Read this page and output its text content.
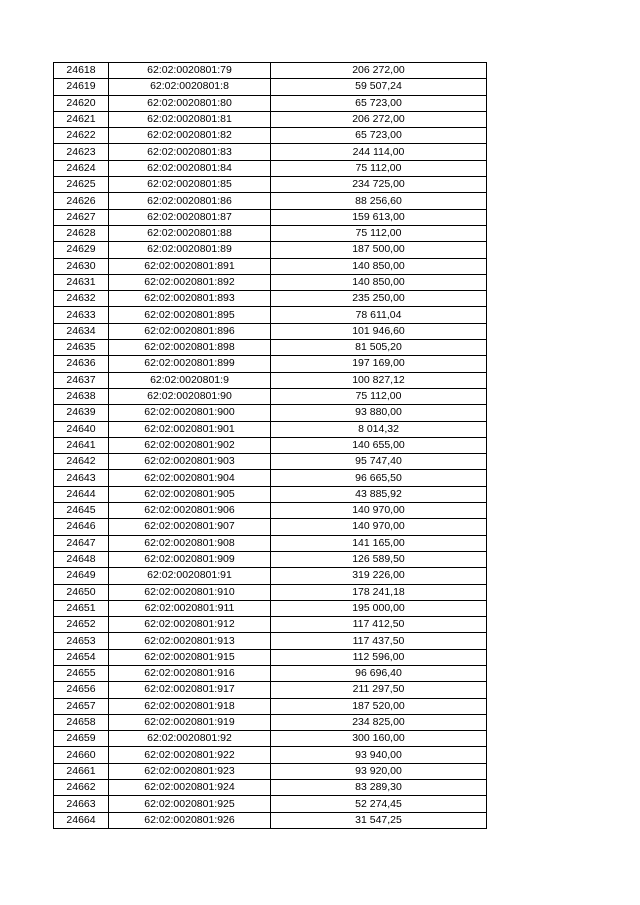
24618	62:02:0020801:79	206 272,00
24619	62:02:0020801:8	59 507,24
24620	62:02:0020801:80	65 723,00
24621	62:02:0020801:81	206 272,00
24622	62:02:0020801:82	65 723,00
24623	62:02:0020801:83	244 114,00
24624	62:02:0020801:84	75 112,00
24625	62:02:0020801:85	234 725,00
24626	62:02:0020801:86	88 256,60
24627	62:02:0020801:87	159 613,00
24628	62:02:0020801:88	75 112,00
24629	62:02:0020801:89	187 500,00
24630	62:02:0020801:891	140 850,00
24631	62:02:0020801:892	140 850,00
24632	62:02:0020801:893	235 250,00
24633	62:02:0020801:895	78 611,04
24634	62:02:0020801:896	101 946,60
24635	62:02:0020801:898	81 505,20
24636	62:02:0020801:899	197 169,00
24637	62:02:0020801:9	100 827,12
24638	62:02:0020801:90	75 112,00
24639	62:02:0020801:900	93 880,00
24640	62:02:0020801:901	8 014,32
24641	62:02:0020801:902	140 655,00
24642	62:02:0020801:903	95 747,40
24643	62:02:0020801:904	96 665,50
24644	62:02:0020801:905	43 885,92
24645	62:02:0020801:906	140 970,00
24646	62:02:0020801:907	140 970,00
24647	62:02:0020801:908	141 165,00
24648	62:02:0020801:909	126 589,50
24649	62:02:0020801:91	319 226,00
24650	62:02:0020801:910	178 241,18
24651	62:02:0020801:911	195 000,00
24652	62:02:0020801:912	117 412,50
24653	62:02:0020801:913	117 437,50
24654	62:02:0020801:915	112 596,00
24655	62:02:0020801:916	96 696,40
24656	62:02:0020801:917	211 297,50
24657	62:02:0020801:918	187 520,00
24658	62:02:0020801:919	234 825,00
24659	62:02:0020801:92	300 160,00
24660	62:02:0020801:922	93 940,00
24661	62:02:0020801:923	93 920,00
24662	62:02:0020801:924	83 289,30
24663	62:02:0020801:925	52 274,45
24664	62:02:0020801:926	31 547,25
